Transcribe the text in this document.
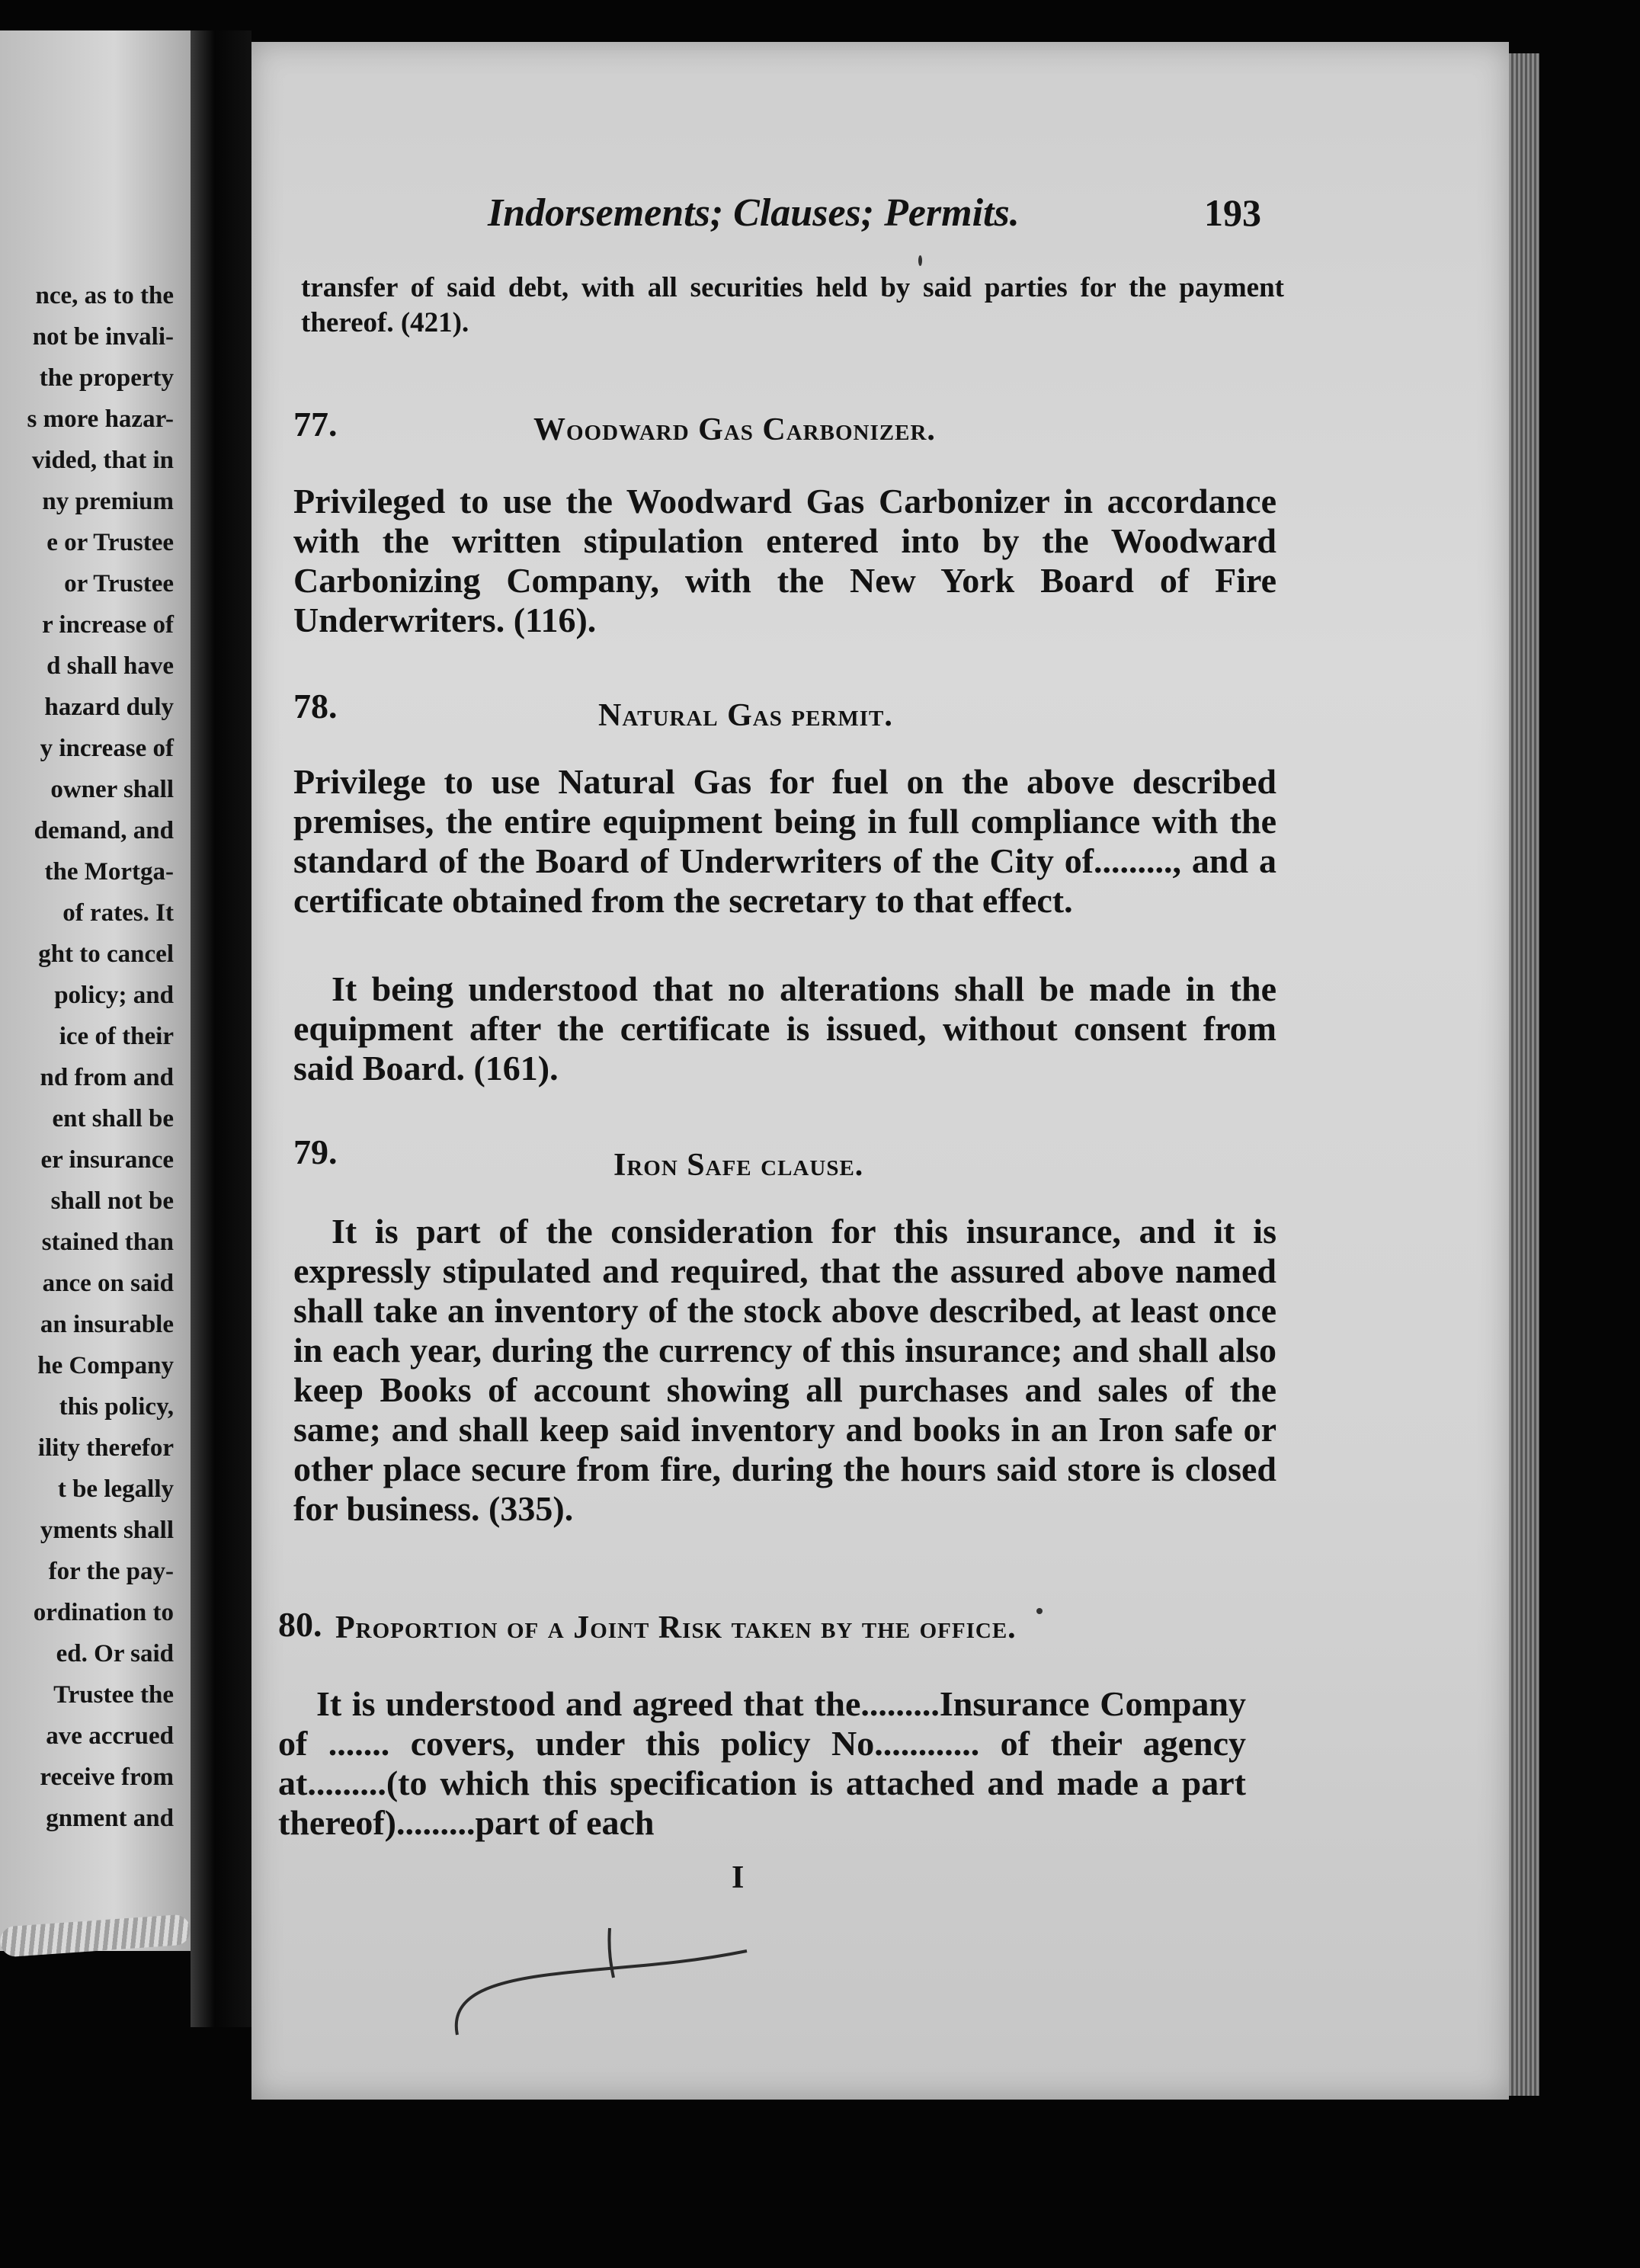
nce, as to the
not be invali-
the property
s more hazar-
vided, that in
ny premium
e or Trustee
or Trustee
r increase of
d shall have
hazard duly
y increase of
owner shall
demand, and
the Mortga-
of rates. It
ght to cancel
policy; and
ice of their
nd from and
ent shall be
er insurance
shall not be
stained than
ance on said
an insurable
he Company
this policy,
ility therefor
t be legally
yments shall
for the pay-
ordination to
ed. Or said
Trustee the
ave accrued
receive from
gnment and
Indorsements; Clauses; Permits.	193
transfer of said debt, with all securities held by said parties for the payment thereof. (421).
77.	Woodward Gas Carbonizer.
Privileged to use the Woodward Gas Carbonizer in accordance with the written stipulation entered into by the Woodward Carbonizing Company, with the New York Board of Fire Underwriters. (116).
78.	Natural Gas permit.
Privilege to use Natural Gas for fuel on the above described premises, the entire equipment being in full compliance with the standard of the Board of Underwriters of the City of........., and a certificate obtained from the secretary to that effect.
It being understood that no alterations shall be made in the equipment after the certificate is issued, without consent from said Board. (161).
79.	Iron Safe clause.
It is part of the consideration for this insurance, and it is expressly stipulated and required, that the assured above named shall take an inventory of the stock above described, at least once in each year, during the currency of this insurance; and shall also keep Books of account showing all purchases and sales of the same; and shall keep said inventory and books in an Iron safe or other place secure from fire, during the hours said store is closed for business. (335).
80. Proportion of a Joint Risk taken by the office.
It is understood and agreed that the.........Insurance Company of ....... covers, under this policy No............ of their agency at.........(to which this specification is attached and made a part thereof).........part of each
I
